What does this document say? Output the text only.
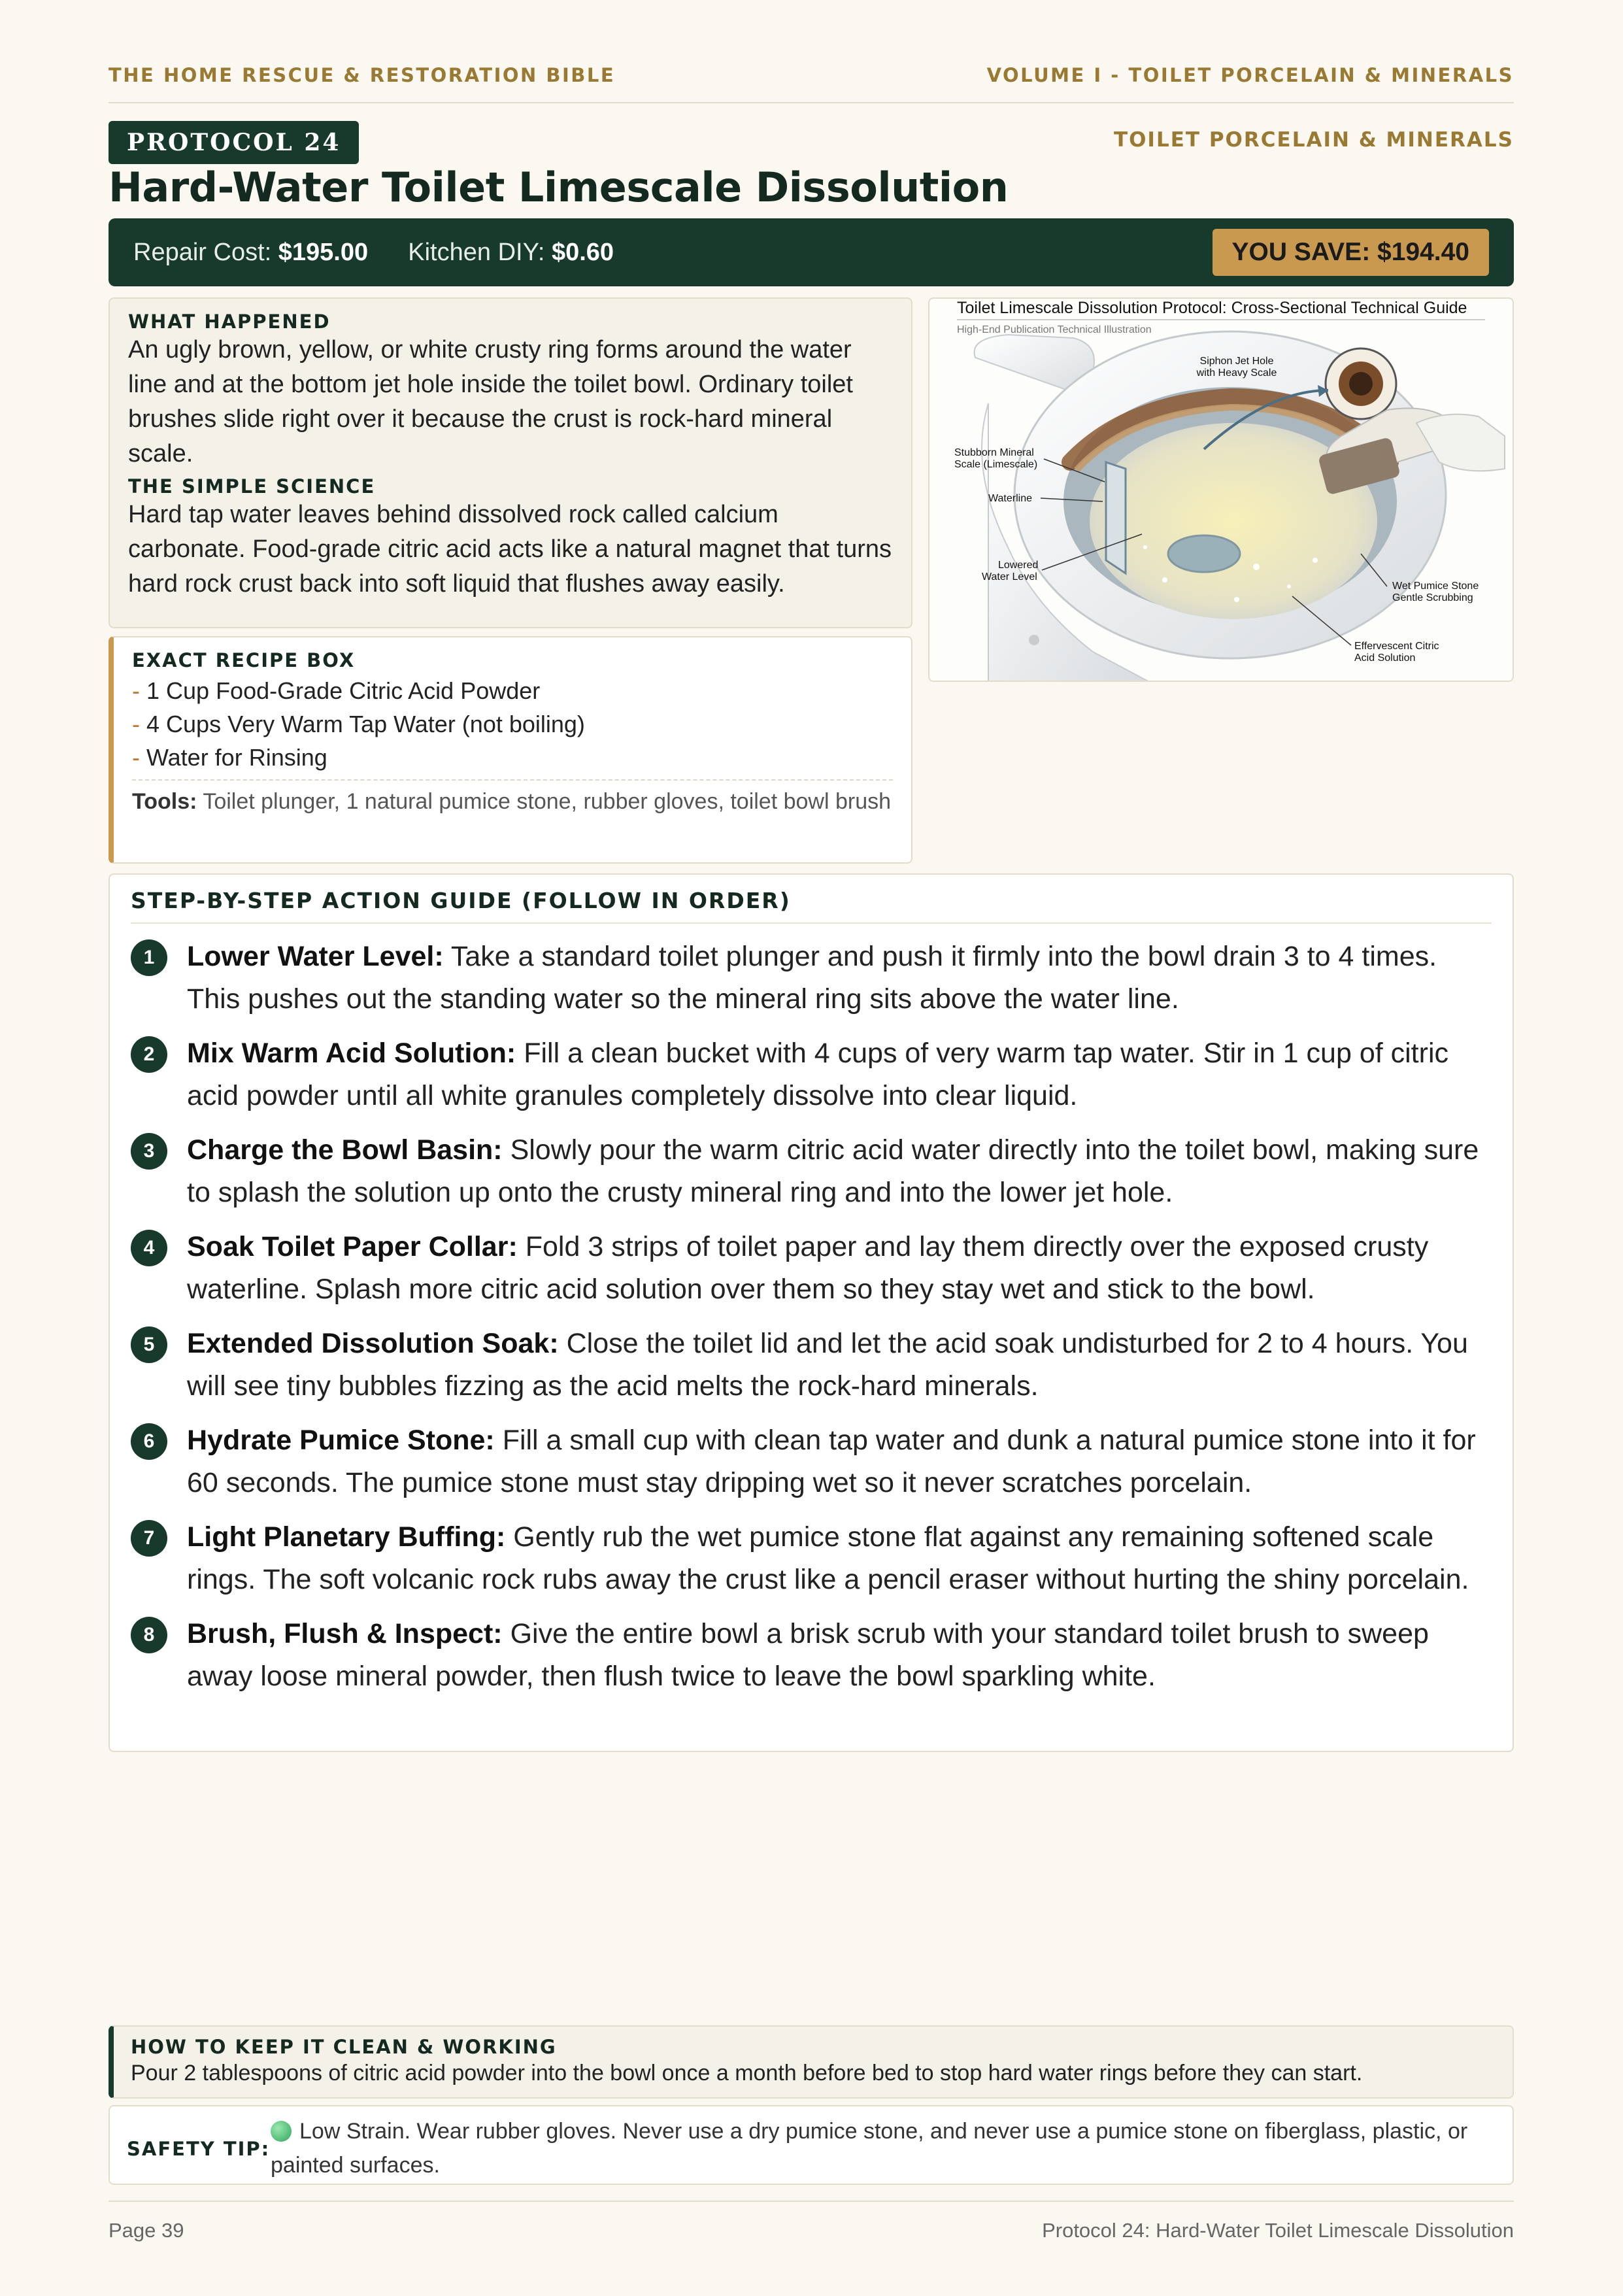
THE HOME RESCUE & RESTORATION BIBLE	VOLUME I - TOILET PORCELAIN & MINERALS
PROTOCOL 24	TOILET PORCELAIN & MINERALS
Hard-Water Toilet Limescale Dissolution
Repair Cost: $195.00 Kitchen DIY: $0.60	YOU SAVE: $194.40
WHAT HAPPENED
An ugly brown, yellow, or white crusty ring forms around the water line and at the bottom jet hole inside the toilet bowl. Ordinary toilet brushes slide right over it because the crust is rock-hard mineral scale.
THE SIMPLE SCIENCE
Hard tap water leaves behind dissolved rock called calcium carbonate. Food-grade citric acid acts like a natural magnet that turns hard rock crust back into soft liquid that flushes away easily.
EXACT RECIPE BOX
- 1 Cup Food-Grade Citric Acid Powder
- 4 Cups Very Warm Tap Water (not boiling)
- Water for Rinsing
Tools: Toilet plunger, 1 natural pumice stone, rubber gloves, toilet bowl brush
Toilet Limescale Dissolution Protocol: Cross-Sectional Technical Guide
High-End Publication Technical Illustration
Siphon Jet Hole
with Heavy Scale
Stubborn Mineral
Scale (Limescale)
Waterline
Lowered
Water Level
Wet Pumice Stone
Gentle Scrubbing
Effervescent Citric
Acid Solution
STEP-BY-STEP ACTION GUIDE (FOLLOW IN ORDER)
1	Lower Water Level: Take a standard toilet plunger and push it firmly into the bowl drain 3 to 4 times. This pushes out the standing water so the mineral ring sits above the water line.
2	Mix Warm Acid Solution: Fill a clean bucket with 4 cups of very warm tap water. Stir in 1 cup of citric acid powder until all white granules completely dissolve into clear liquid.
3	Charge the Bowl Basin: Slowly pour the warm citric acid water directly into the toilet bowl, making sure to splash the solution up onto the crusty mineral ring and into the lower jet hole.
4	Soak Toilet Paper Collar: Fold 3 strips of toilet paper and lay them directly over the exposed crusty waterline. Splash more citric acid solution over them so they stay wet and stick to the bowl.
5	Extended Dissolution Soak: Close the toilet lid and let the acid soak undisturbed for 2 to 4 hours. You will see tiny bubbles fizzing as the acid melts the rock-hard minerals.
6	Hydrate Pumice Stone: Fill a small cup with clean tap water and dunk a natural pumice stone into it for 60 seconds. The pumice stone must stay dripping wet so it never scratches porcelain.
7	Light Planetary Buffing: Gently rub the wet pumice stone flat against any remaining softened scale rings. The soft volcanic rock rubs away the crust like a pencil eraser without hurting the shiny porcelain.
8	Brush, Flush & Inspect: Give the entire bowl a brisk scrub with your standard toilet brush to sweep away loose mineral powder, then flush twice to leave the bowl sparkling white.
HOW TO KEEP IT CLEAN & WORKING
Pour 2 tablespoons of citric acid powder into the bowl once a month before bed to stop hard water rings before they can start.
SAFETY TIP:
Low Strain. Wear rubber gloves. Never use a dry pumice stone, and never use a pumice stone on fiberglass, plastic, or painted surfaces.
Page 39	Protocol 24: Hard-Water Toilet Limescale Dissolution
